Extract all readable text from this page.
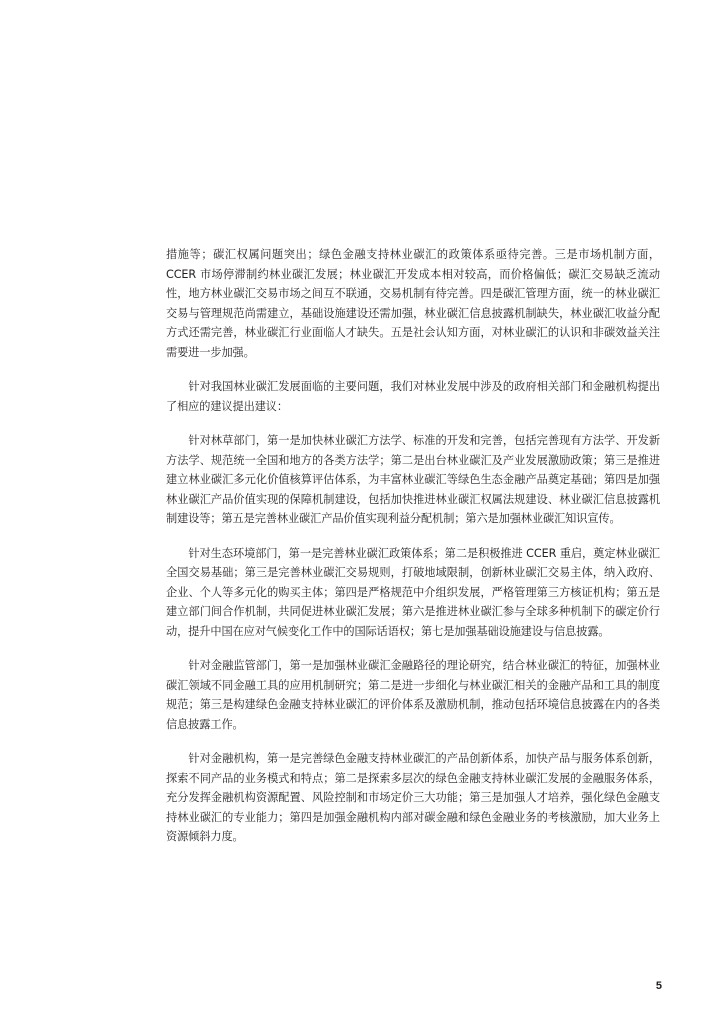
措施等；碳汇权属问题突出；绿色金融支持林业碳汇的政策体系亟待完善。三是市场机制方面，CCER 市场停滞制约林业碳汇发展；林业碳汇开发成本相对较高，而价格偏低；碳汇交易缺乏流动性，地方林业碳汇交易市场之间互不联通，交易机制有待完善。四是碳汇管理方面，统一的林业碳汇交易与管理规范尚需建立，基础设施建设还需加强，林业碳汇信息披露机制缺失，林业碳汇收益分配方式还需完善，林业碳汇行业面临人才缺失。五是社会认知方面，对林业碳汇的认识和非碳效益关注需要进一步加强。

针对我国林业碳汇发展面临的主要问题，我们对林业发展中涉及的政府相关部门和金融机构提出了相应的建议提出建议：

针对林草部门，第一是加快林业碳汇方法学、标准的开发和完善，包括完善现有方法学、开发新方法学、规范统一全国和地方的各类方法学；第二是出台林业碳汇及产业发展激励政策；第三是推进建立林业碳汇多元化价值核算评估体系，为丰富林业碳汇等绿色生态金融产品奠定基础；第四是加强林业碳汇产品价值实现的保障机制建设，包括加快推进林业碳汇权属法规建设、林业碳汇信息披露机制建设等；第五是完善林业碳汇产品价值实现利益分配机制；第六是加强林业碳汇知识宣传。

针对生态环境部门，第一是完善林业碳汇政策体系；第二是积极推进 CCER 重启，奠定林业碳汇全国交易基础；第三是完善林业碳汇交易规则，打破地域限制，创新林业碳汇交易主体，纳入政府、企业、个人等多元化的购买主体；第四是严格规范中介组织发展，严格管理第三方核证机构；第五是建立部门间合作机制，共同促进林业碳汇发展；第六是推进林业碳汇参与全球多种机制下的碳定价行动，提升中国在应对气候变化工作中的国际话语权；第七是加强基础设施建设与信息披露。

针对金融监管部门，第一是加强林业碳汇金融路径的理论研究，结合林业碳汇的特征，加强林业碳汇领域不同金融工具的应用机制研究；第二是进一步细化与林业碳汇相关的金融产品和工具的制度规范；第三是构建绿色金融支持林业碳汇的评价体系及激励机制，推动包括环境信息披露在内的各类信息披露工作。

针对金融机构，第一是完善绿色金融支持林业碳汇的产品创新体系，加快产品与服务体系创新，探索不同产品的业务模式和特点；第二是探索多层次的绿色金融支持林业碳汇发展的金融服务体系，充分发挥金融机构资源配置、风险控制和市场定价三大功能；第三是加强人才培养，强化绿色金融支持林业碳汇的专业能力；第四是加强金融机构内部对碳金融和绿色金融业务的考核激励，加大业务上资源倾斜力度。

5
